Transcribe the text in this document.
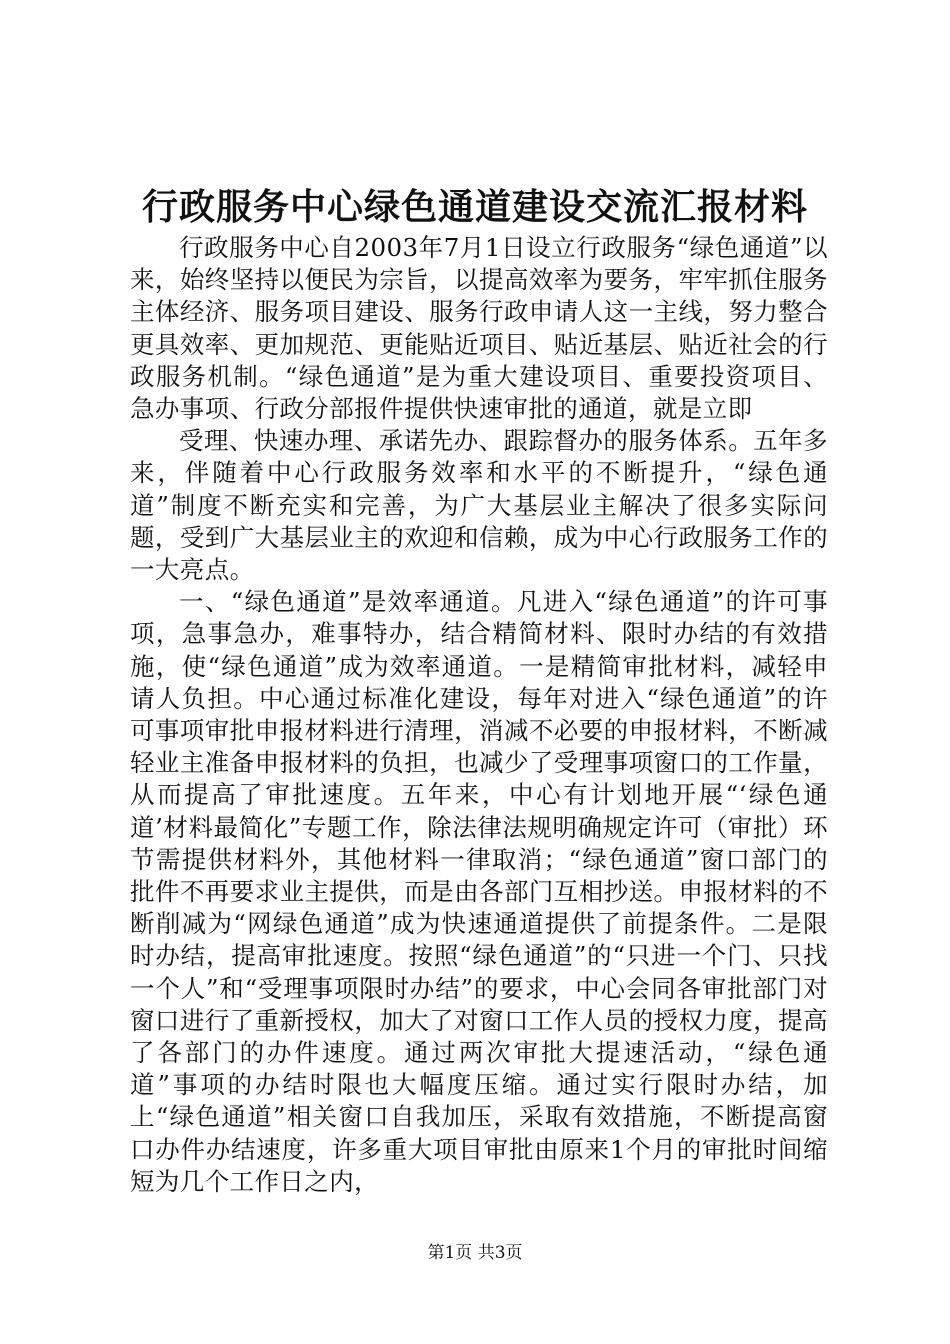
行政服务中心绿色通道建设交流汇报材料

行政服务中心自2003年7月1日设立行政服务“绿色通道”以来，始终坚持以便民为宗旨，以提高效率为要务，牢牢抓住服务主体经济、服务项目建设、服务行政申请人这一主线，努力整合更具效率、更加规范、更能贴近项目、贴近基层、贴近社会的行政服务机制。“绿色通道”是为重大建设项目、重要投资项目、急办事项、行政分部报件提供快速审批的通道，就是立即

受理、快速办理、承诺先办、跟踪督办的服务体系。五年多来，伴随着中心行政服务效率和水平的不断提升，“绿色通道”制度不断充实和完善，为广大基层业主解决了很多实际问题，受到广大基层业主的欢迎和信赖，成为中心行政服务工作的一大亮点。

一、“绿色通道”是效率通道。凡进入“绿色通道”的许可事项，急事急办，难事特办，结合精简材料、限时办结的有效措施，使“绿色通道”成为效率通道。一是精简审批材料，减轻申请人负担。中心通过标准化建设，每年对进入“绿色通道”的许可事项审批申报材料进行清理，消减不必要的申报材料，不断减轻业主准备申报材料的负担，也减少了受理事项窗口的工作量，从而提高了审批速度。五年来，中心有计划地开展“‘绿色通道’材料最简化”专题工作，除法律法规明确规定许可（审批）环节需提供材料外，其他材料一律取消；“绿色通道”窗口部门的批件不再要求业主提供，而是由各部门互相抄送。申报材料的不断削减为“网绿色通道”成为快速通道提供了前提条件。二是限时办结，提高审批速度。按照“绿色通道”的“只进一个门、只找一个人”和“受理事项限时办结”的要求，中心会同各审批部门对窗口进行了重新授权，加大了对窗口工作人员的授权力度，提高了各部门的办件速度。通过两次审批大提速活动，“绿色通道”事项的办结时限也大幅度压缩。通过实行限时办结，加上“绿色通道”相关窗口自我加压，采取有效措施，不断提高窗口办件办结速度，许多重大项目审批由原来1个月的审批时间缩短为几个工作日之内，

第1页 共3页
